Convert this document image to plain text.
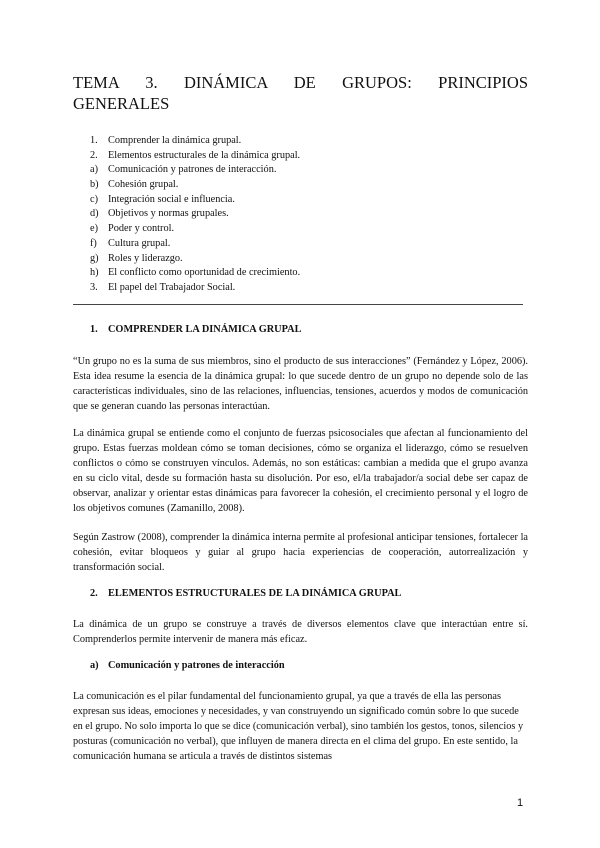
TEMA 3. DINÁMICA DE GRUPOS: PRINCIPIOS
GENERALES
1. Comprender la dinámica grupal.
2. Elementos estructurales de la dinámica grupal.
a) Comunicación y patrones de interacción.
b) Cohesión grupal.
c) Integración social e influencia.
d) Objetivos y normas grupales.
e) Poder y control.
f) Cultura grupal.
g) Roles y liderazgo.
h) El conflicto como oportunidad de crecimiento.
3. El papel del Trabajador Social.
1. COMPRENDER LA DINÁMICA GRUPAL

“Un grupo no es la suma de sus miembros, sino el producto de sus interacciones” (Fernández y López, 2006). Esta idea resume la esencia de la dinámica grupal: lo que sucede dentro de un grupo no depende solo de las características individuales, sino de las relaciones, influencias, tensiones, acuerdos y modos de comunicación que se generan cuando las personas interactúan.

La dinámica grupal se entiende como el conjunto de fuerzas psicosociales que afectan al funcionamiento del grupo. Estas fuerzas moldean cómo se toman decisiones, cómo se organiza el liderazgo, cómo se resuelven conflictos o cómo se construyen vínculos. Además, no son estáticas: cambian a medida que el grupo avanza en su ciclo vital, desde su formación hasta su disolución. Por eso, el/la trabajador/a social debe ser capaz de observar, analizar y orientar estas dinámicas para favorecer la cohesión, el crecimiento personal y el logro de los objetivos comunes (Zamanillo, 2008).

Según Zastrow (2008), comprender la dinámica interna permite al profesional anticipar tensiones, fortalecer la cohesión, evitar bloqueos y guiar al grupo hacia experiencias de cooperación, autorrealización y transformación social.

2. ELEMENTOS ESTRUCTURALES DE LA DINÁMICA GRUPAL

La dinámica de un grupo se construye a través de diversos elementos clave que interactúan entre sí. Comprenderlos permite intervenir de manera más eficaz.

a) Comunicación y patrones de interacción

La comunicación es el pilar fundamental del funcionamiento grupal, ya que a través de ella las personas expresan sus ideas, emociones y necesidades, y van construyendo un significado común sobre lo que sucede en el grupo. No solo importa lo que se dice (comunicación verbal), sino también los gestos, tonos, silencios y posturas (comunicación no verbal), que influyen de manera directa en el clima del grupo. En este sentido, la comunicación humana se articula a través de distintos sistemas

1
